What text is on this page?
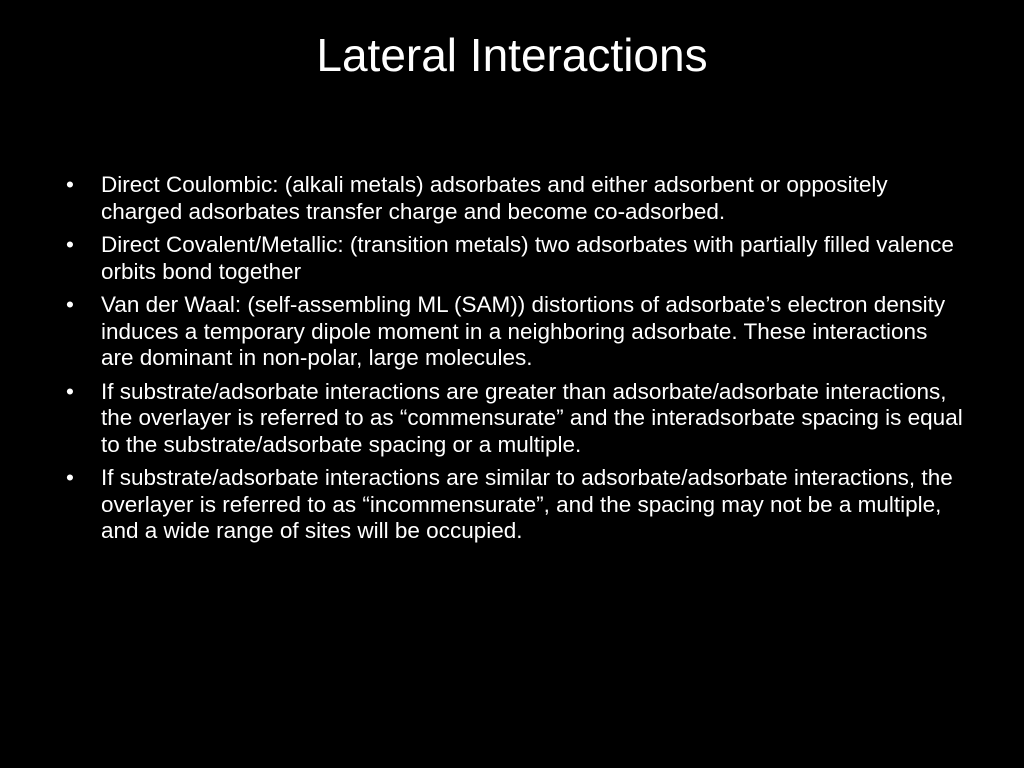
Lateral Interactions
• Direct Coulombic: (alkali metals) adsorbates and either adsorbent or oppositely charged adsorbates transfer charge and become co-adsorbed.
• Direct Covalent/Metallic: (transition metals) two adsorbates with partially filled valence orbits bond together
• Van der Waal: (self-assembling ML (SAM)) distortions of adsorbate’s electron density induces a temporary dipole moment in a neighboring adsorbate. These interactions are dominant in non-polar, large molecules.
• If substrate/adsorbate interactions are greater than adsorbate/adsorbate interactions, the overlayer is referred to as “commensurate” and the interadsorbate spacing is equal to the substrate/adsorbate spacing or a multiple.
• If substrate/adsorbate interactions are similar to adsorbate/adsorbate interactions, the overlayer is referred to as “incommensurate”, and the spacing may not be a multiple, and a wide range of sites will be occupied.
